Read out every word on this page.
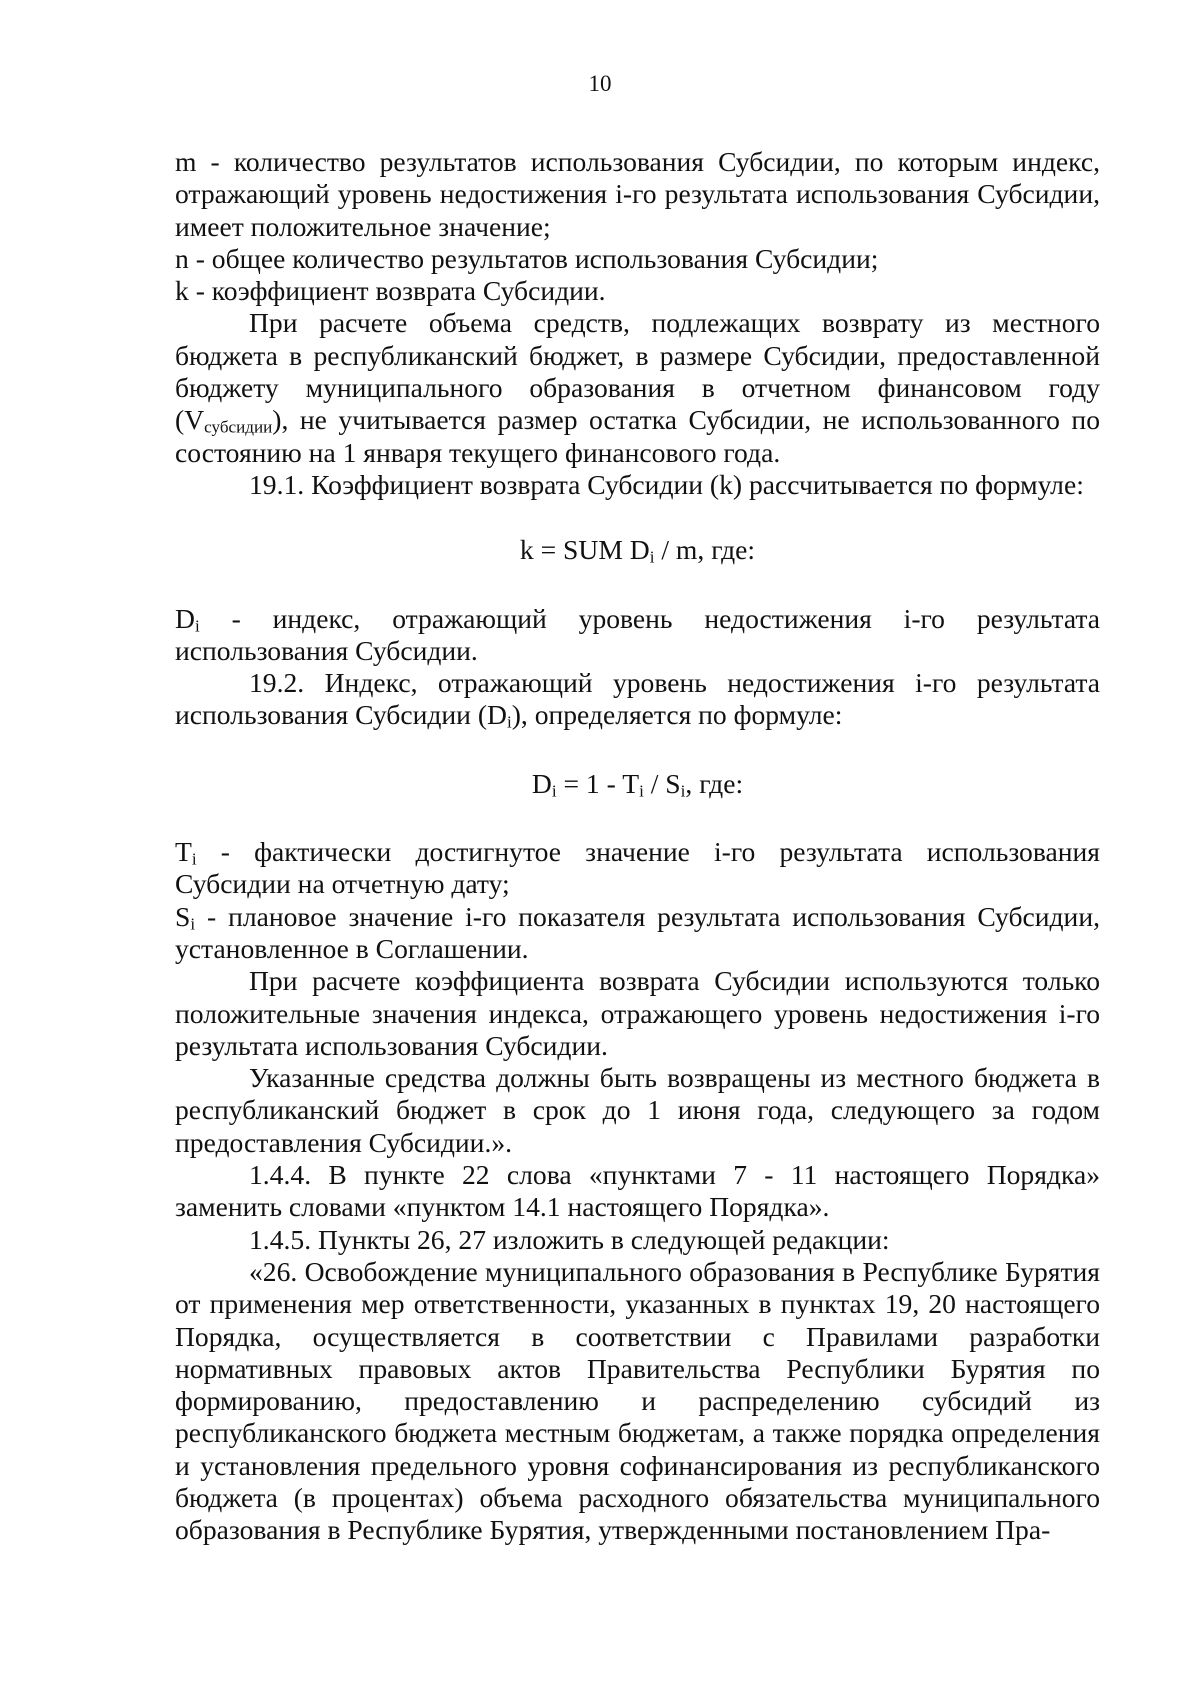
10

m - количество результатов использования Субсидии, по которым индекс, отражающий уровень недостижения i-го результата использования Субсидии, имеет положительное значение;

n - общее количество результатов использования Субсидии;

k - коэффициент возврата Субсидии.

При расчете объема средств, подлежащих возврату из местного бюджета в республиканский бюджет, в размере Субсидии, предоставленной бюджету муниципального образования в отчетном финансовом году $(V_{субсидии})$, не учитывается размер остатка Субсидии, не использованного по состоянию на 1 января текущего финансового года.

19.1. Коэффициент возврата Субсидии (k) рассчитывается по формуле:

k = SUM $D_i$ / m, где:

$D_i$ - индекс, отражающий уровень недостижения i-го результата использования Субсидии.

19.2. Индекс, отражающий уровень недостижения i-го результата использования Субсидии $(D_i)$, определяется по формуле:

$D_i = 1 - T_i / S_i$, где:

$T_i$ - фактически достигнутое значение i-го результата использования Субсидии на отчетную дату;

$S_i$ - плановое значение i-го показателя результата использования Субсидии, установленное в Соглашении.

При расчете коэффициента возврата Субсидии используются только положительные значения индекса, отражающего уровень недостижения i-го результата использования Субсидии.

Указанные средства должны быть возвращены из местного бюджета в республиканский бюджет в срок до 1 июня года, следующего за годом предоставления Субсидии.».

1.4.4. В пункте 22 слова «пунктами 7 - 11 настоящего Порядка» заменить словами «пунктом 14.1 настоящего Порядка».

1.4.5. Пункты 26, 27 изложить в следующей редакции:

«26. Освобождение муниципального образования в Республике Бурятия от применения мер ответственности, указанных в пунктах 19, 20 настоящего Порядка, осуществляется в соответствии с Правилами разработки нормативных правовых актов Правительства Республики Бурятия по формированию, предоставлению и распределению субсидий из республиканского бюджета местным бюджетам, а также порядка определения и установления предельного уровня софинансирования из республиканского бюджета (в процентах) объема расходного обязательства муниципального образования в Республике Бурятия, утвержденными постановлением Пра-
